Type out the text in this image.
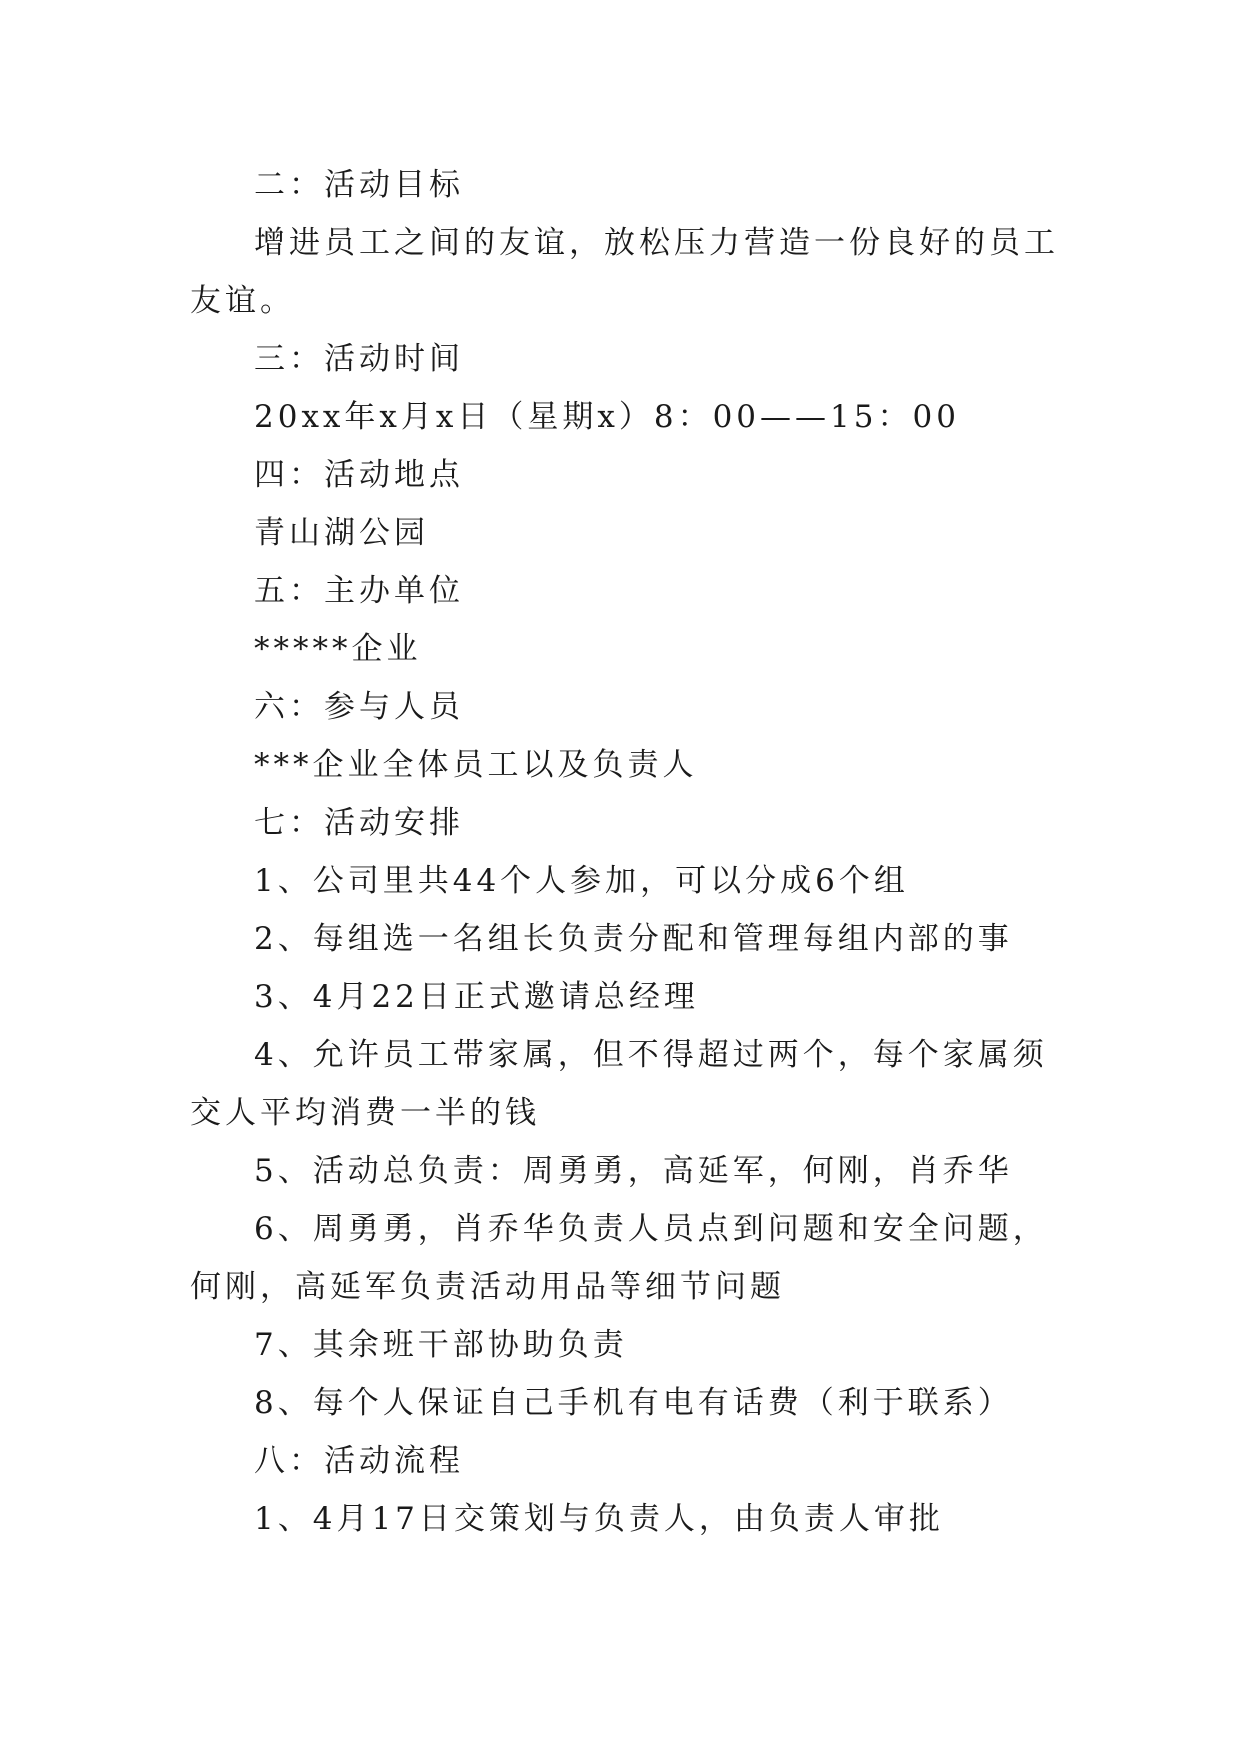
二：活动目标

增进员工之间的友谊，放松压力营造一份良好的员工友谊。

三：活动时间

20xx年x月x日（星期x）8：00——15：00

四：活动地点

青山湖公园

五：主办单位

*****企业

六：参与人员

***企业全体员工以及负责人

七：活动安排

1、公司里共44个人参加，可以分成6个组

2、每组选一名组长负责分配和管理每组内部的事

3、4月22日正式邀请总经理

4、允许员工带家属，但不得超过两个，每个家属须交人平均消费一半的钱

5、活动总负责：周勇勇，高延军，何刚，肖乔华

6、周勇勇，肖乔华负责人员点到问题和安全问题，何刚，高延军负责活动用品等细节问题

7、其余班干部协助负责

8、每个人保证自己手机有电有话费（利于联系）

八：活动流程

1、4月17日交策划与负责人，由负责人审批
